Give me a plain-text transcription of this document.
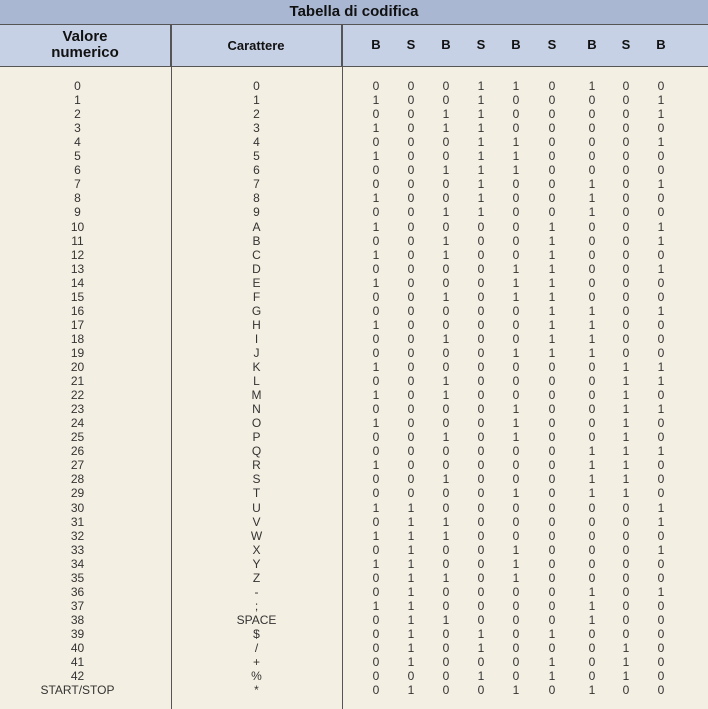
Tabella di codifica
Valore numerico	Carattere	B	S	B	S	B	S	B	S	B
0	0	0	0	0	1	1	0	1	0	0
1	1	1	0	0	1	0	0	0	0	1
2	2	0	0	1	1	0	0	0	0	1
3	3	1	0	1	1	0	0	0	0	0
4	4	0	0	0	1	1	0	0	0	1
5	5	1	0	0	1	1	0	0	0	0
6	6	0	0	1	1	1	0	0	0	0
7	7	0	0	0	1	0	0	1	0	1
8	8	1	0	0	1	0	0	1	0	0
9	9	0	0	1	1	0	0	1	0	0
10	A	1	0	0	0	0	1	0	0	1
11	B	0	0	1	0	0	1	0	0	1
12	C	1	0	1	0	0	1	0	0	0
13	D	0	0	0	0	1	1	0	0	1
14	E	1	0	0	0	1	1	0	0	0
15	F	0	0	1	0	1	1	0	0	0
16	G	0	0	0	0	0	1	1	0	1
17	H	1	0	0	0	0	1	1	0	0
18	I	0	0	1	0	0	1	1	0	0
19	J	0	0	0	0	1	1	1	0	0
20	K	1	0	0	0	0	0	0	1	1
21	L	0	0	1	0	0	0	0	1	1
22	M	1	0	1	0	0	0	0	1	0
23	N	0	0	0	0	1	0	0	1	1
24	O	1	0	0	0	1	0	0	1	0
25	P	0	0	1	0	1	0	0	1	0
26	Q	0	0	0	0	0	0	1	1	1
27	R	1	0	0	0	0	0	1	1	0
28	S	0	0	1	0	0	0	1	1	0
29	T	0	0	0	0	1	0	1	1	0
30	U	1	1	0	0	0	0	0	0	1
31	V	0	1	1	0	0	0	0	0	1
32	W	1	1	1	0	0	0	0	0	0
33	X	0	1	0	0	1	0	0	0	1
34	Y	1	1	0	0	1	0	0	0	0
35	Z	0	1	1	0	1	0	0	0	0
36	-	0	1	0	0	0	0	1	0	1
37	;	1	1	0	0	0	0	1	0	0
38	SPACE	0	1	1	0	0	0	1	0	0
39	$	0	1	0	1	0	1	0	0	0
40	/	0	1	0	1	0	0	0	1	0
41	+	0	1	0	0	0	1	0	1	0
42	%	0	0	0	1	0	1	0	1	0
START/STOP	*	0	1	0	0	1	0	1	0	0
